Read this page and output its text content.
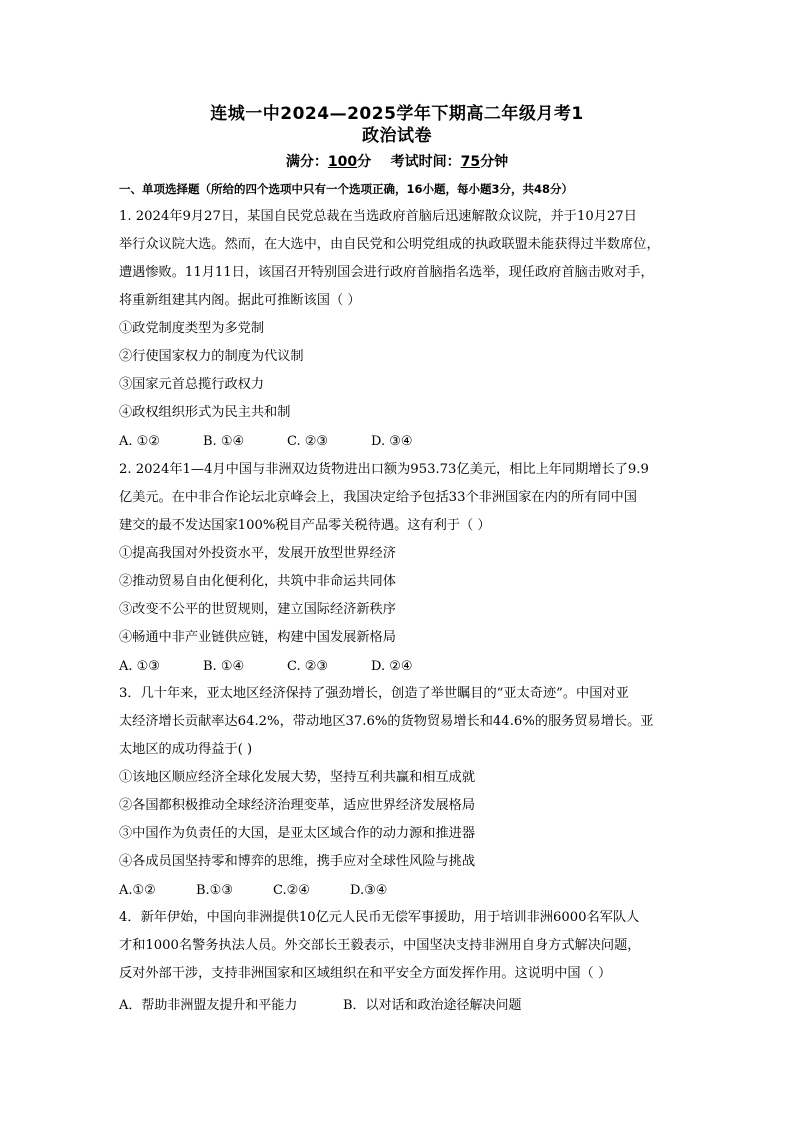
连城一中2024—2025学年下期高二年级月考1
政治试卷
满分：100分 考试时间：75分钟
一、单项选择题（所给的四个选项中只有一个选项正确，16小题，每小题3分，共48分）
1. 2024年9月27日，某国自民党总裁在当选政府首脑后迅速解散众议院，并于10月27日
举行众议院大选。然而，在大选中，由自民党和公明党组成的执政联盟未能获得过半数席位，
遭遇惨败。11月11日，该国召开特别国会进行政府首脑指名选举，现任政府首脑击败对手，
将重新组建其内阁。据此可推断该国（ ）
①政党制度类型为多党制
②行使国家权力的制度为代议制
③国家元首总揽行政权力
④政权组织形式为民主共和制
A. ①②	B. ①④	C. ②③	D. ③④
2. 2024年1—4月中国与非洲双边货物进出口额为953.73亿美元，相比上年同期增长了9.9
亿美元。在中非合作论坛北京峰会上，我国决定给予包括33个非洲国家在内的所有同中国
建交的最不发达国家100%税目产品零关税待遇。这有利于（ ）
①提高我国对外投资水平，发展开放型世界经济
②推动贸易自由化便利化，共筑中非命运共同体
③改变不公平的世贸规则，建立国际经济新秩序
④畅通中非产业链供应链，构建中国发展新格局
A. ①③	B. ①④	C. ②③	D. ②④
3．几十年来，亚太地区经济保持了强劲增长，创造了举世瞩目的“亚太奇迹”。中国对亚
太经济增长贡献率达64.2%，带动地区37.6%的货物贸易增长和44.6%的服务贸易增长。亚
太地区的成功得益于( )
①该地区顺应经济全球化发展大势，坚持互利共赢和相互成就
②各国都积极推动全球经济治理变革，适应世界经济发展格局
③中国作为负责任的大国，是亚太区域合作的动力源和推进器
④各成员国坚持零和博弈的思维，携手应对全球性风险与挑战
A.①②	B.①③	C.②④	D.③④
4．新年伊始，中国向非洲提供10亿元人民币无偿军事援助，用于培训非洲6000名军队人
才和1000名警务执法人员。外交部长王毅表示，中国坚决支持非洲用自身方式解决问题，
反对外部干涉，支持非洲国家和区域组织在和平安全方面发挥作用。这说明中国（ ）
A．帮助非洲盟友提升和平能力	B．以对话和政治途径解决问题
